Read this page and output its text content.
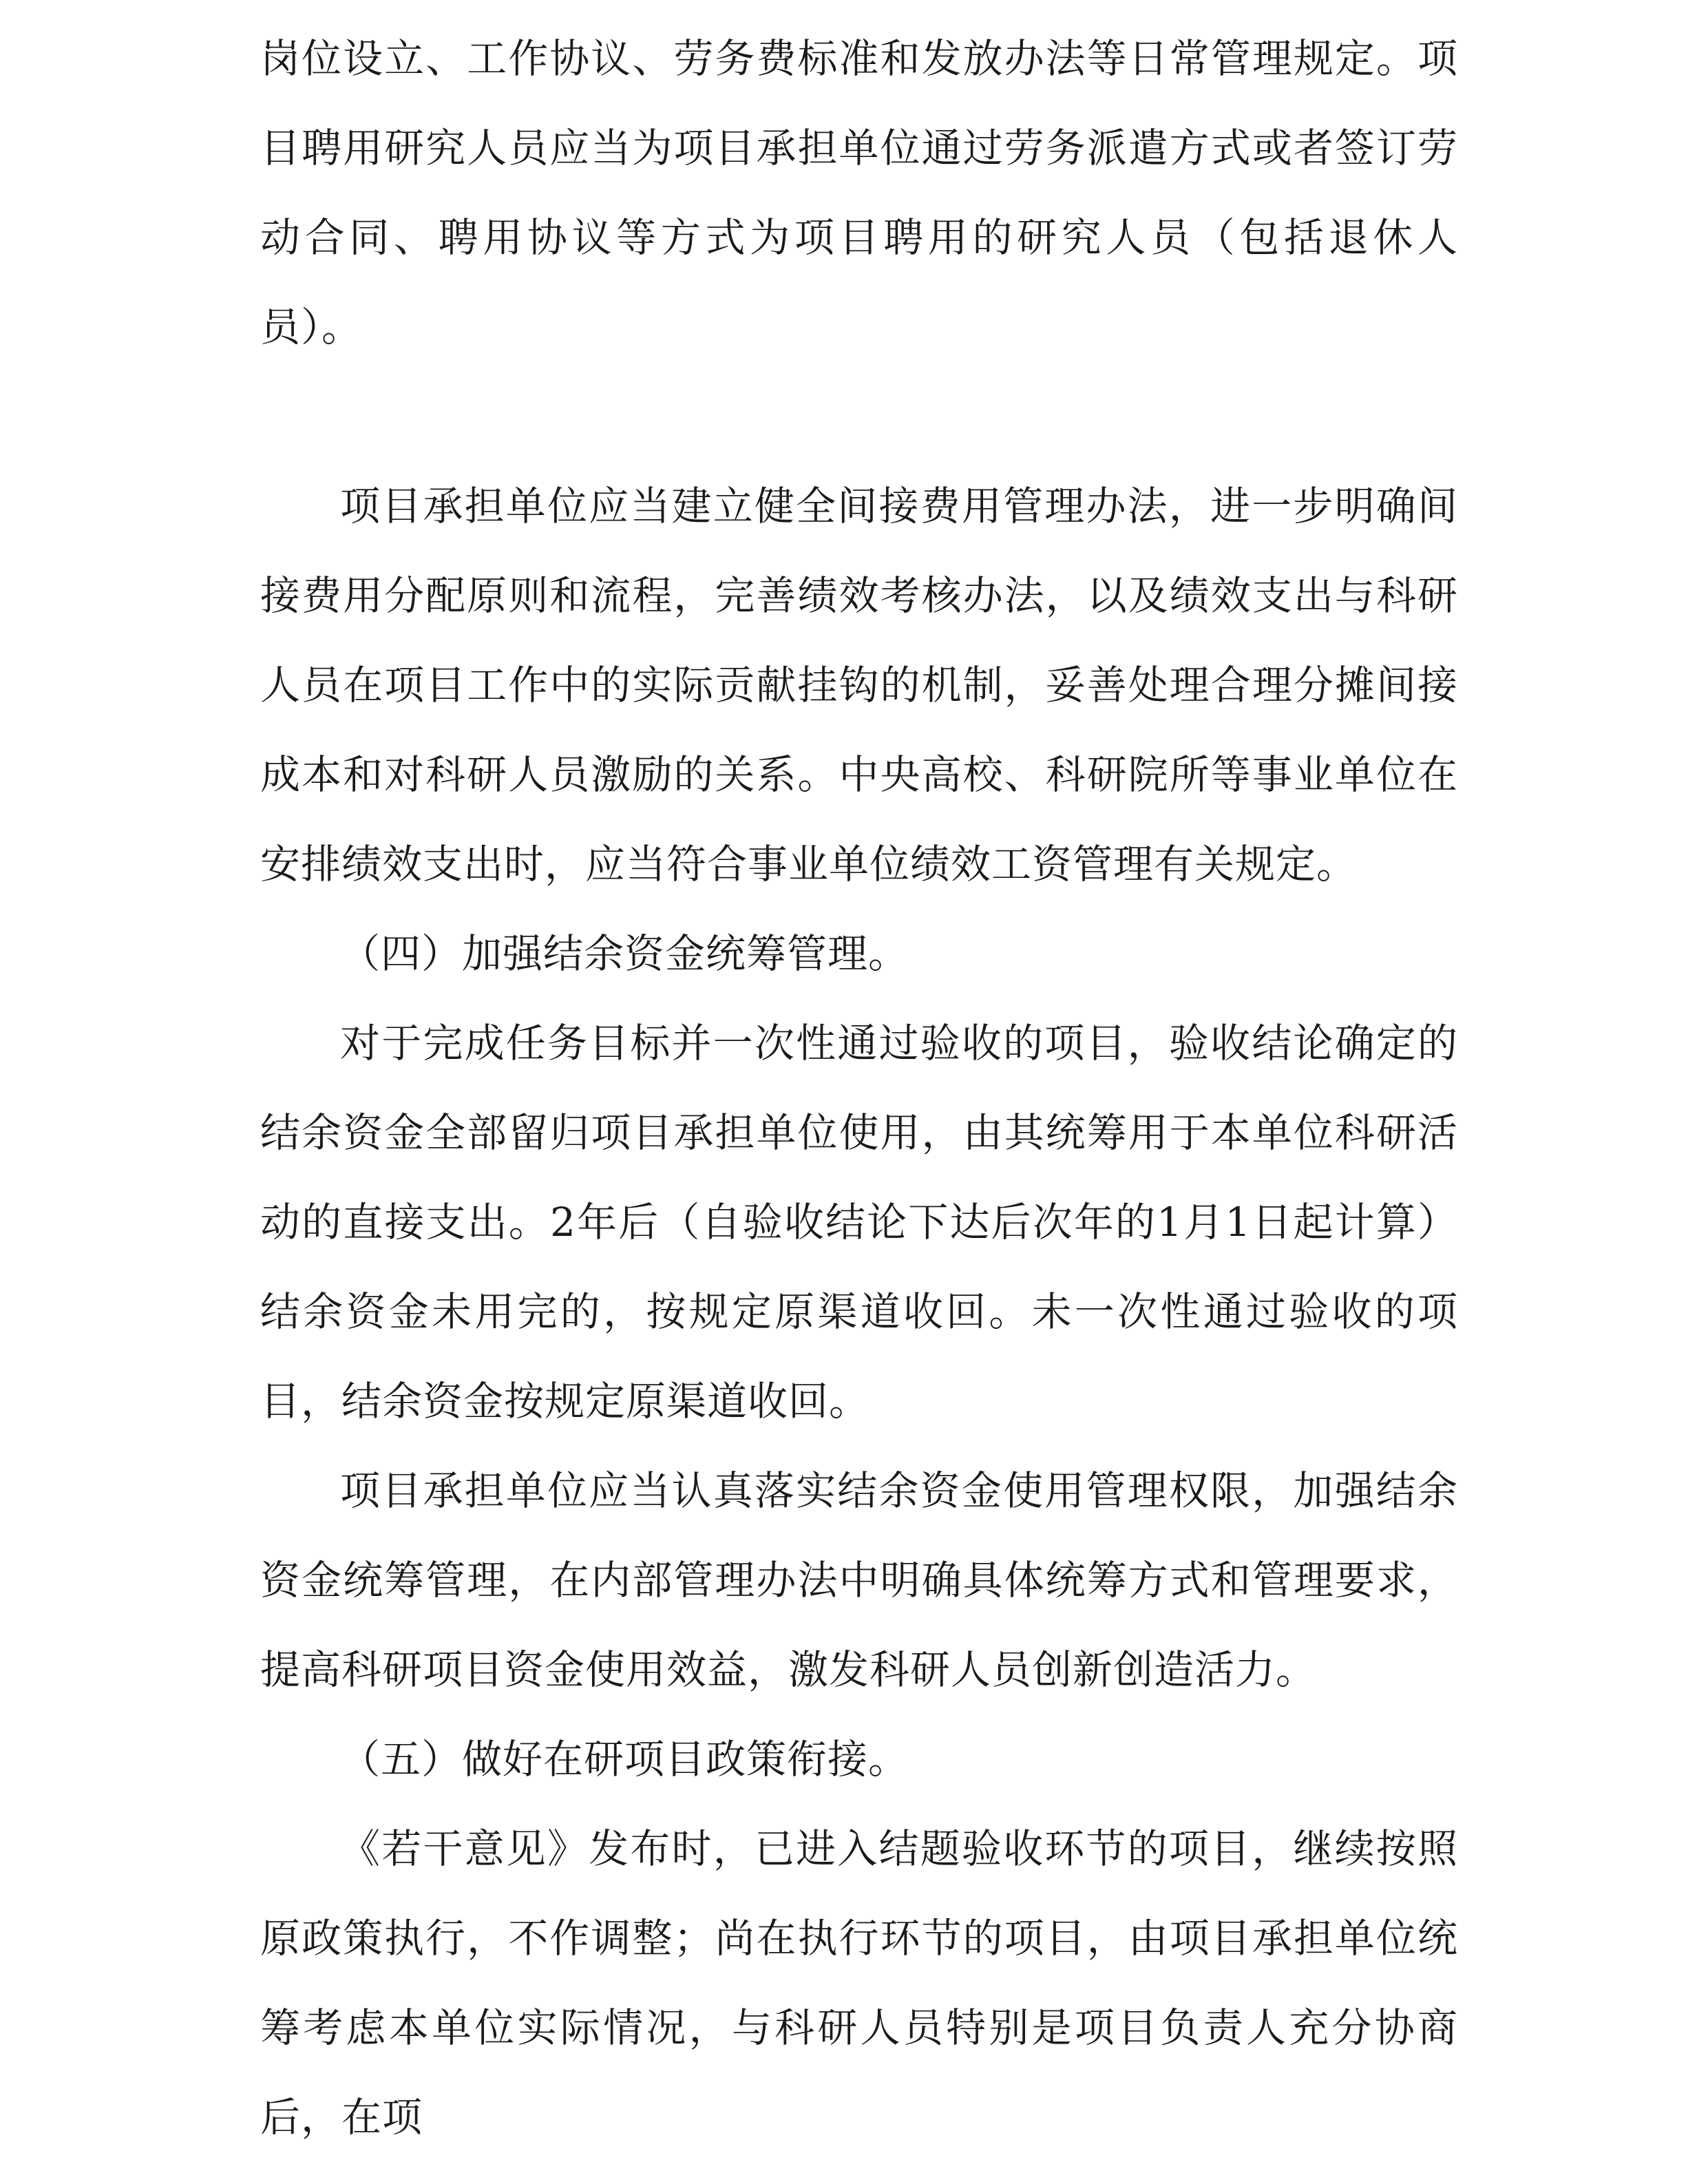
岗位设立、工作协议、劳务费标准和发放办法等日常管理规定。项目聘用研究人员应当为项目承担单位通过劳务派遣方式或者签订劳动合同、聘用协议等方式为项目聘用的研究人员（包括退休人员）。

项目承担单位应当建立健全间接费用管理办法，进一步明确间接费用分配原则和流程，完善绩效考核办法，以及绩效支出与科研人员在项目工作中的实际贡献挂钩的机制，妥善处理合理分摊间接成本和对科研人员激励的关系。中央高校、科研院所等事业单位在安排绩效支出时，应当符合事业单位绩效工资管理有关规定。

（四）加强结余资金统筹管理。

对于完成任务目标并一次性通过验收的项目，验收结论确定的结余资金全部留归项目承担单位使用，由其统筹用于本单位科研活动的直接支出。2年后（自验收结论下达后次年的1月1日起计算）结余资金未用完的，按规定原渠道收回。未一次性通过验收的项目，结余资金按规定原渠道收回。

项目承担单位应当认真落实结余资金使用管理权限，加强结余资金统筹管理，在内部管理办法中明确具体统筹方式和管理要求，提高科研项目资金使用效益，激发科研人员创新创造活力。

（五）做好在研项目政策衔接。

《若干意见》发布时，已进入结题验收环节的项目，继续按照原政策执行，不作调整；尚在执行环节的项目，由项目承担单位统筹考虑本单位实际情况，与科研人员特别是项目负责人充分协商后，在项
